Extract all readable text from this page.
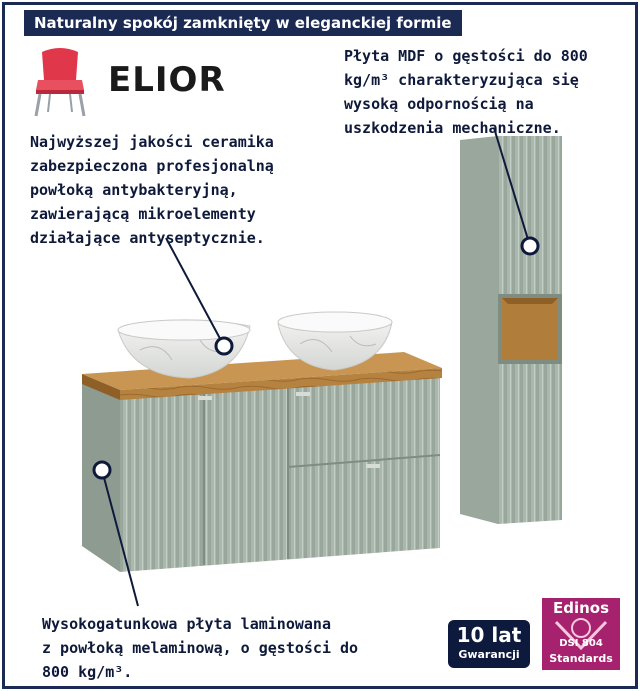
Naturalny spokój zamknięty w eleganckiej formie
ELIOR
Płyta MDF o gęstości do 800
kg/m³ charakteryzująca się
wysoką odpornością na
uszkodzenia mechaniczne.
Najwyższej jakości ceramika
zabezpieczona profesjonalną
powłoką antybakteryjną,
zawierającą mikroelementy
działające antyseptycznie.
Wysokogatunkowa płyta laminowana
z powłoką melaminową, o gęstości do
800 kg/m³.
10 lat
Gwarancji
Edinos
DSI 804
Standards
